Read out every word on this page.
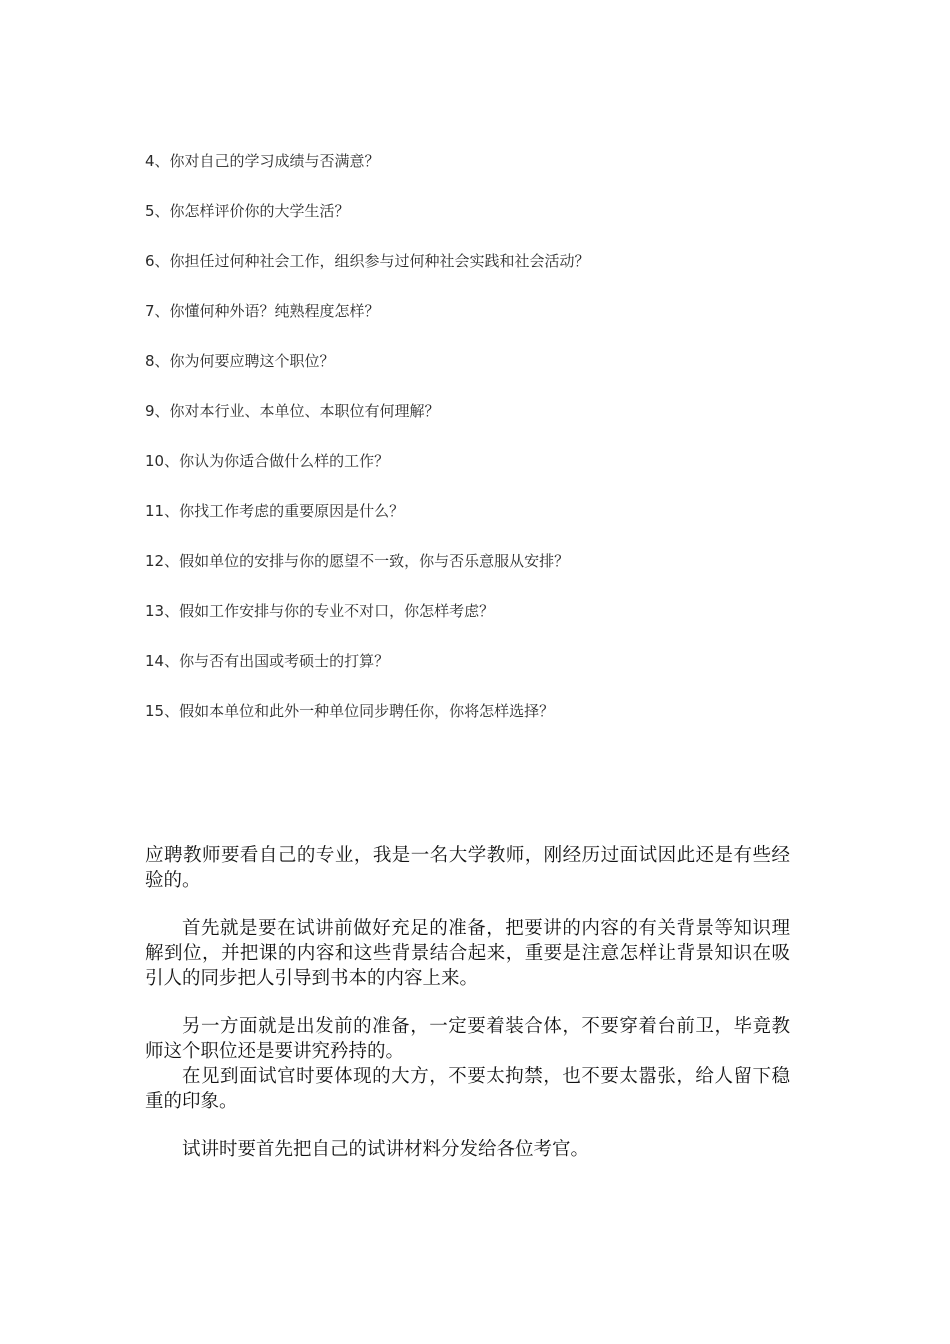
4、你对自己的学习成绩与否满意？
5、你怎样评价你的大学生活？
6、你担任过何种社会工作，组织参与过何种社会实践和社会活动？
7、你懂何种外语？纯熟程度怎样？
8、你为何要应聘这个职位？
9、你对本行业、本单位、本职位有何理解？
10、你认为你适合做什么样的工作？
11、你找工作考虑的重要原因是什么？
12、假如单位的安排与你的愿望不一致，你与否乐意服从安排？
13、假如工作安排与你的专业不对口，你怎样考虑？
14、你与否有出国或考硕士的打算？
15、假如本单位和此外一种单位同步聘任你，你将怎样选择？

应聘教师要看自己的专业，我是一名大学教师，刚经历过面试因此还是有些经验的。

首先就是要在试讲前做好充足的准备，把要讲的内容的有关背景等知识理解到位，并把课的内容和这些背景结合起来，重要是注意怎样让背景知识在吸引人的同步把人引导到书本的内容上来。

另一方面就是出发前的准备，一定要着装合体，不要穿着台前卫，毕竟教师这个职位还是要讲究矜持的。

在见到面试官时要体现的大方，不要太拘禁，也不要太嚣张，给人留下稳重的印象。

试讲时要首先把自己的试讲材料分发给各位考官。
